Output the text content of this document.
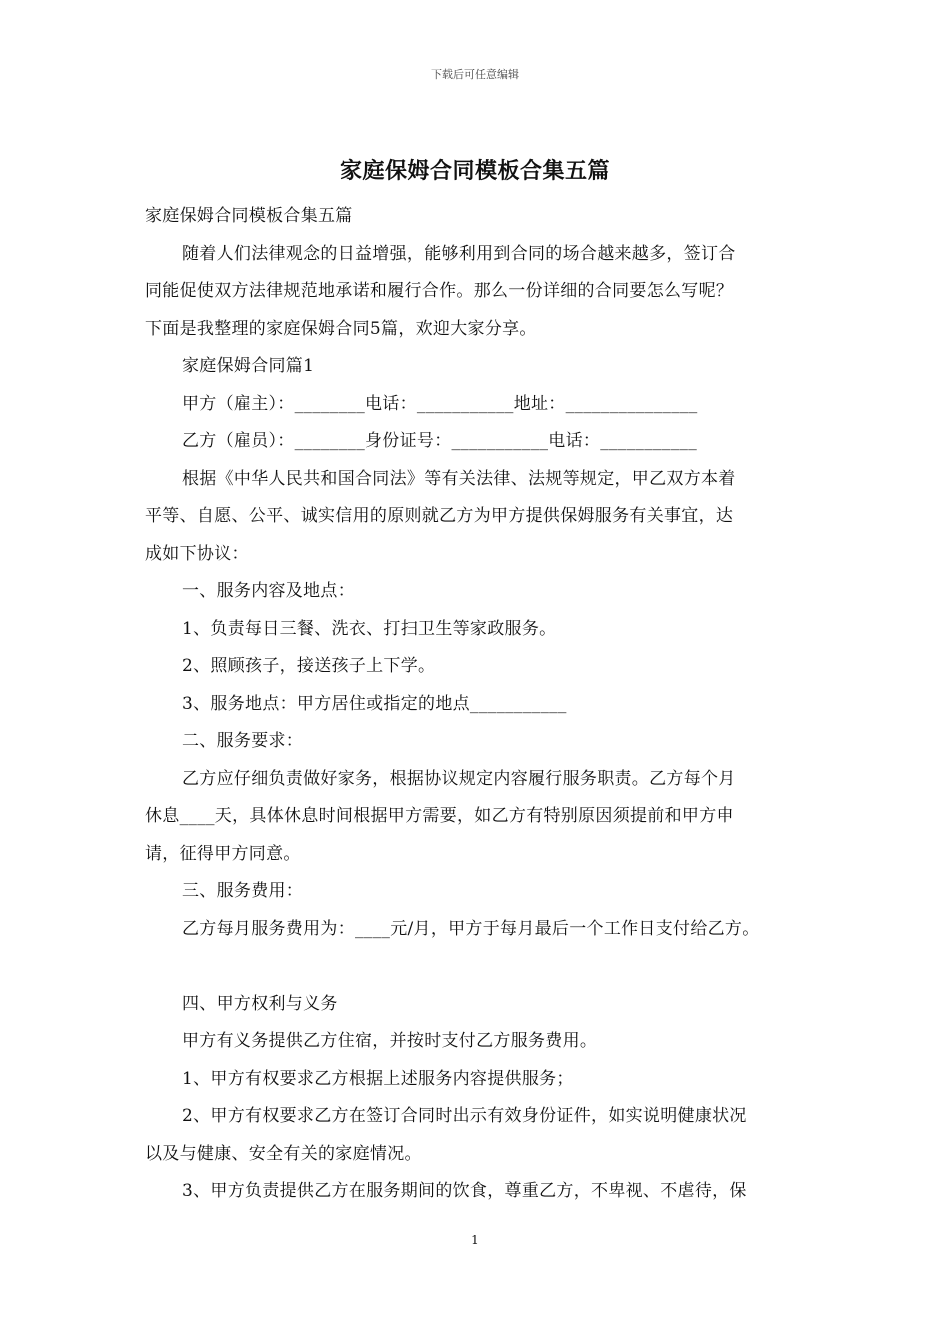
下载后可任意编辑
家庭保姆合同模板合集五篇

家庭保姆合同模板合集五篇

随着人们法律观念的日益增强，能够利用到合同的场合越来越多，签订合

同能促使双方法律规范地承诺和履行合作。那么一份详细的合同要怎么写呢？

下面是我整理的家庭保姆合同5篇，欢迎大家分享。

家庭保姆合同篇1

甲方（雇主）：________电话：___________地址：_______________

乙方（雇员）：________身份证号：___________电话：___________

根据《中华人民共和国合同法》等有关法律、法规等规定，甲乙双方本着

平等、自愿、公平、诚实信用的原则就乙方为甲方提供保姆服务有关事宜，达

成如下协议：

一、服务内容及地点：

1、负责每日三餐、洗衣、打扫卫生等家政服务。

2、照顾孩子，接送孩子上下学。

3、服务地点：甲方居住或指定的地点___________

二、服务要求：

乙方应仔细负责做好家务，根据协议规定内容履行服务职责。乙方每个月

休息____天，具体休息时间根据甲方需要，如乙方有特别原因须提前和甲方申

请，征得甲方同意。

三、服务费用：

乙方每月服务费用为：____元/月，甲方于每月最后一个工作日支付给乙方。

四、甲方权利与义务

甲方有义务提供乙方住宿，并按时支付乙方服务费用。

1、甲方有权要求乙方根据上述服务内容提供服务；

2、甲方有权要求乙方在签订合同时出示有效身份证件，如实说明健康状况

以及与健康、安全有关的家庭情况。

3、甲方负责提供乙方在服务期间的饮食，尊重乙方，不卑视、不虐待，保

1
